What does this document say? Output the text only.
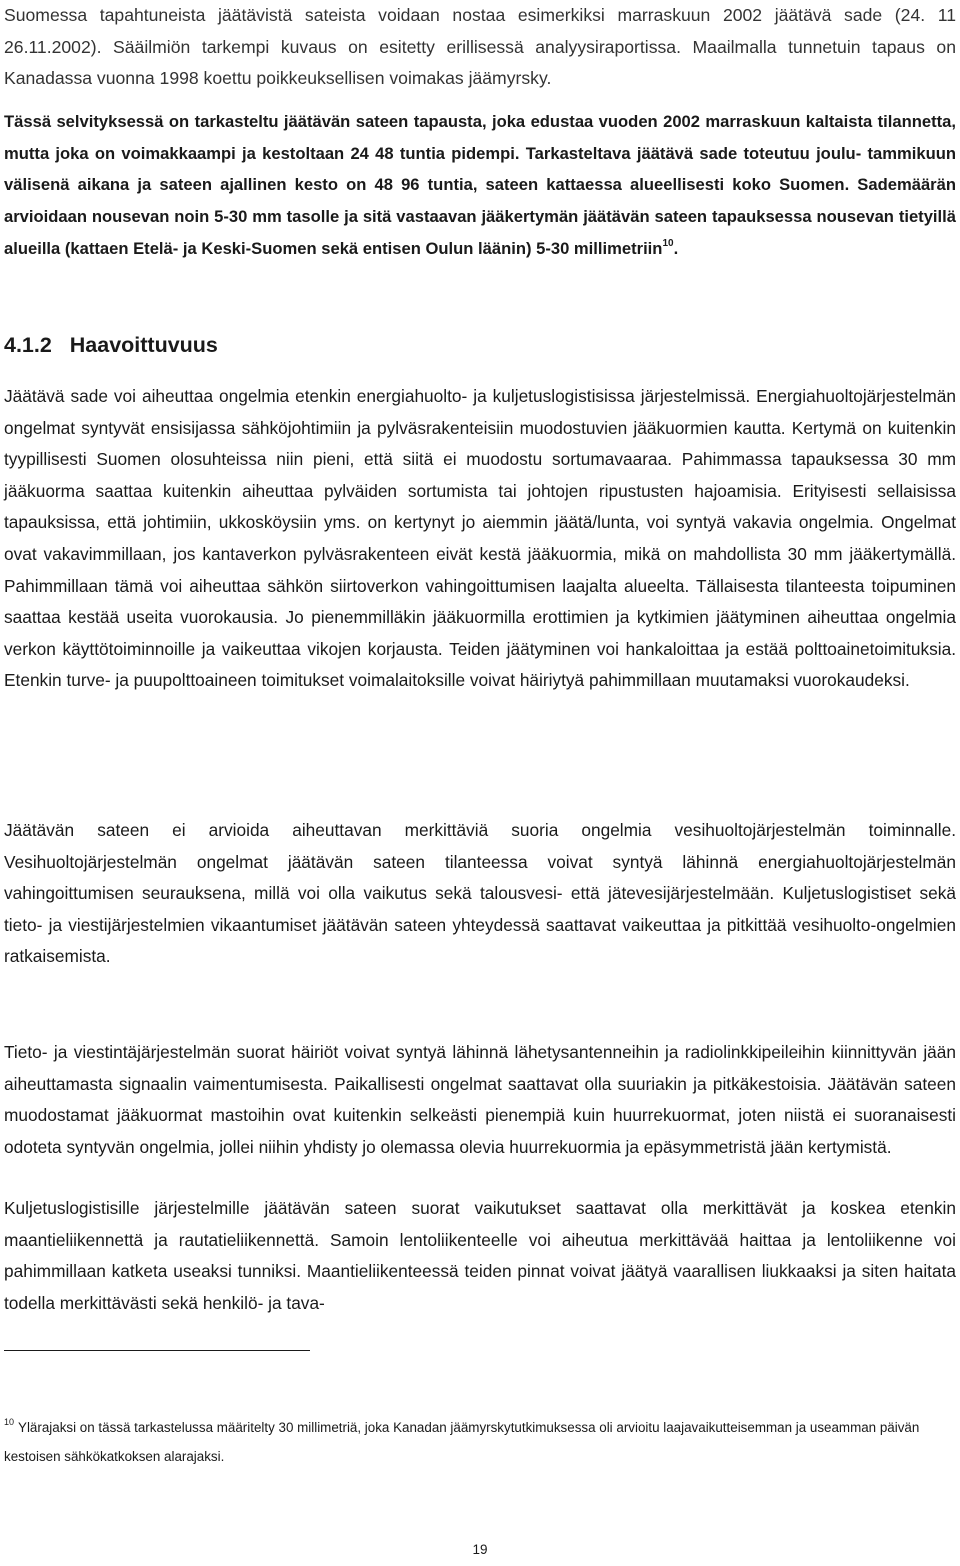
Suomessa tapahtuneista jäätävistä sateista voidaan nostaa esimerkiksi marraskuun 2002 jäätävä sade (24. 11 26.11.2002). Sääilmiön tarkempi kuvaus on esitetty erillisessä analyysiraportissa. Maailmalla tunnetuin tapaus on Kanadassa vuonna 1998 koettu poikkeuksellisen voimakas jäämyrsky.

Tässä selvityksessä on tarkasteltu jäätävän sateen tapausta, joka edustaa vuoden 2002 marraskuun kaltaista tilannetta, mutta joka on voimakkaampi ja kestoltaan 24 48 tuntia pidempi. Tarkasteltava jäätävä sade toteutuu joulu- tammikuun välisenä aikana ja sateen ajallinen kesto on 48 96 tuntia, sateen kattaessa alueellisesti koko Suomen. Sademäärän arvioidaan nousevan noin 5-30 mm tasolle ja sitä vastaavan jääkertymän jäätävän sateen tapauksessa nousevan tietyillä alueilla (kattaen Etelä- ja Keski-Suomen sekä entisen Oulun läänin) 5-30 millimetriin$^{10}$.

4.1.2 Haavoittuvuus

Jäätävä sade voi aiheuttaa ongelmia etenkin energiahuolto- ja kuljetuslogistisissa järjestelmissä. Energiahuoltojärjestelmän ongelmat syntyvät ensisijassa sähköjohtimiin ja pylväsrakenteisiin muodostuvien jääkuormien kautta. Kertymä on kuitenkin tyypillisesti Suomen olosuhteissa niin pieni, että siitä ei muodostu sortumavaaraa. Pahimmassa tapauksessa 30 mm jääkuorma saattaa kuitenkin aiheuttaa pylväiden sortumista tai johtojen ripustusten hajoamisia. Erityisesti sellaisissa tapauksissa, että johtimiin, ukkosköysiin yms. on kertynyt jo aiemmin jäätä/lunta, voi syntyä vakavia ongelmia. Ongelmat ovat vakavimmillaan, jos kantaverkon pylväsrakenteen eivät kestä jääkuormia, mikä on mahdollista 30 mm jääkertymällä. Pahimmillaan tämä voi aiheuttaa sähkön siirtoverkon vahingoittumisen laajalta alueelta. Tällaisesta tilanteesta toipuminen saattaa kestää useita vuorokausia. Jo pienemmilläkin jääkuormilla erottimien ja kytkimien jäätyminen aiheuttaa ongelmia verkon käyttötoiminnoille ja vaikeuttaa vikojen korjausta. Teiden jäätyminen voi hankaloittaa ja estää polttoainetoimituksia. Etenkin turve- ja puupolttoaineen toimitukset voimalaitoksille voivat häiriytyä pahimmillaan muutamaksi vuorokaudeksi.

Jäätävän sateen ei arvioida aiheuttavan merkittäviä suoria ongelmia vesihuoltojärjestelmän toiminnalle. Vesihuoltojärjestelmän ongelmat jäätävän sateen tilanteessa voivat syntyä lähinnä energiahuoltojärjestelmän vahingoittumisen seurauksena, millä voi olla vaikutus sekä talousvesi- että jätevesijärjestelmään. Kuljetuslogistiset sekä tieto- ja viestijärjestelmien vikaantumiset jäätävän sateen yhteydessä saattavat vaikeuttaa ja pitkittää vesihuolto-ongelmien ratkaisemista.

Tieto- ja viestintäjärjestelmän suorat häiriöt voivat syntyä lähinnä lähetysantenneihin ja radiolinkkipeileihin kiinnittyvän jään aiheuttamasta signaalin vaimentumisesta. Paikallisesti ongelmat saattavat olla suuriakin ja pitkäkestoisia. Jäätävän sateen muodostamat jääkuormat mastoihin ovat kuitenkin selkeästi pienempiä kuin huurrekuormat, joten niistä ei suoranaisesti odoteta syntyvän ongelmia, jollei niihin yhdisty jo olemassa olevia huurrekuormia ja epäsymmetristä jään kertymistä.

Kuljetuslogistisille järjestelmille jäätävän sateen suorat vaikutukset saattavat olla merkittävät ja koskea etenkin maantieliikennettä ja rautatieliikennettä. Samoin lentoliikenteelle voi aiheutua merkittävää haittaa ja lentoliikenne voi pahimmillaan katketa useaksi tunniksi. Maantieliikenteessä teiden pinnat voivat jäätyä vaarallisen liukkaaksi ja siten haitata todella merkittävästi sekä henkilö- ja tava-

$^{10}$ Ylärajaksi on tässä tarkastelussa määritelty 30 millimetriä, joka Kanadan jäämyrskytutkimuksessa oli arvioitu laajavaikutteisemman ja useamman päivän kestoisen sähkökatkoksen alarajaksi.

19
